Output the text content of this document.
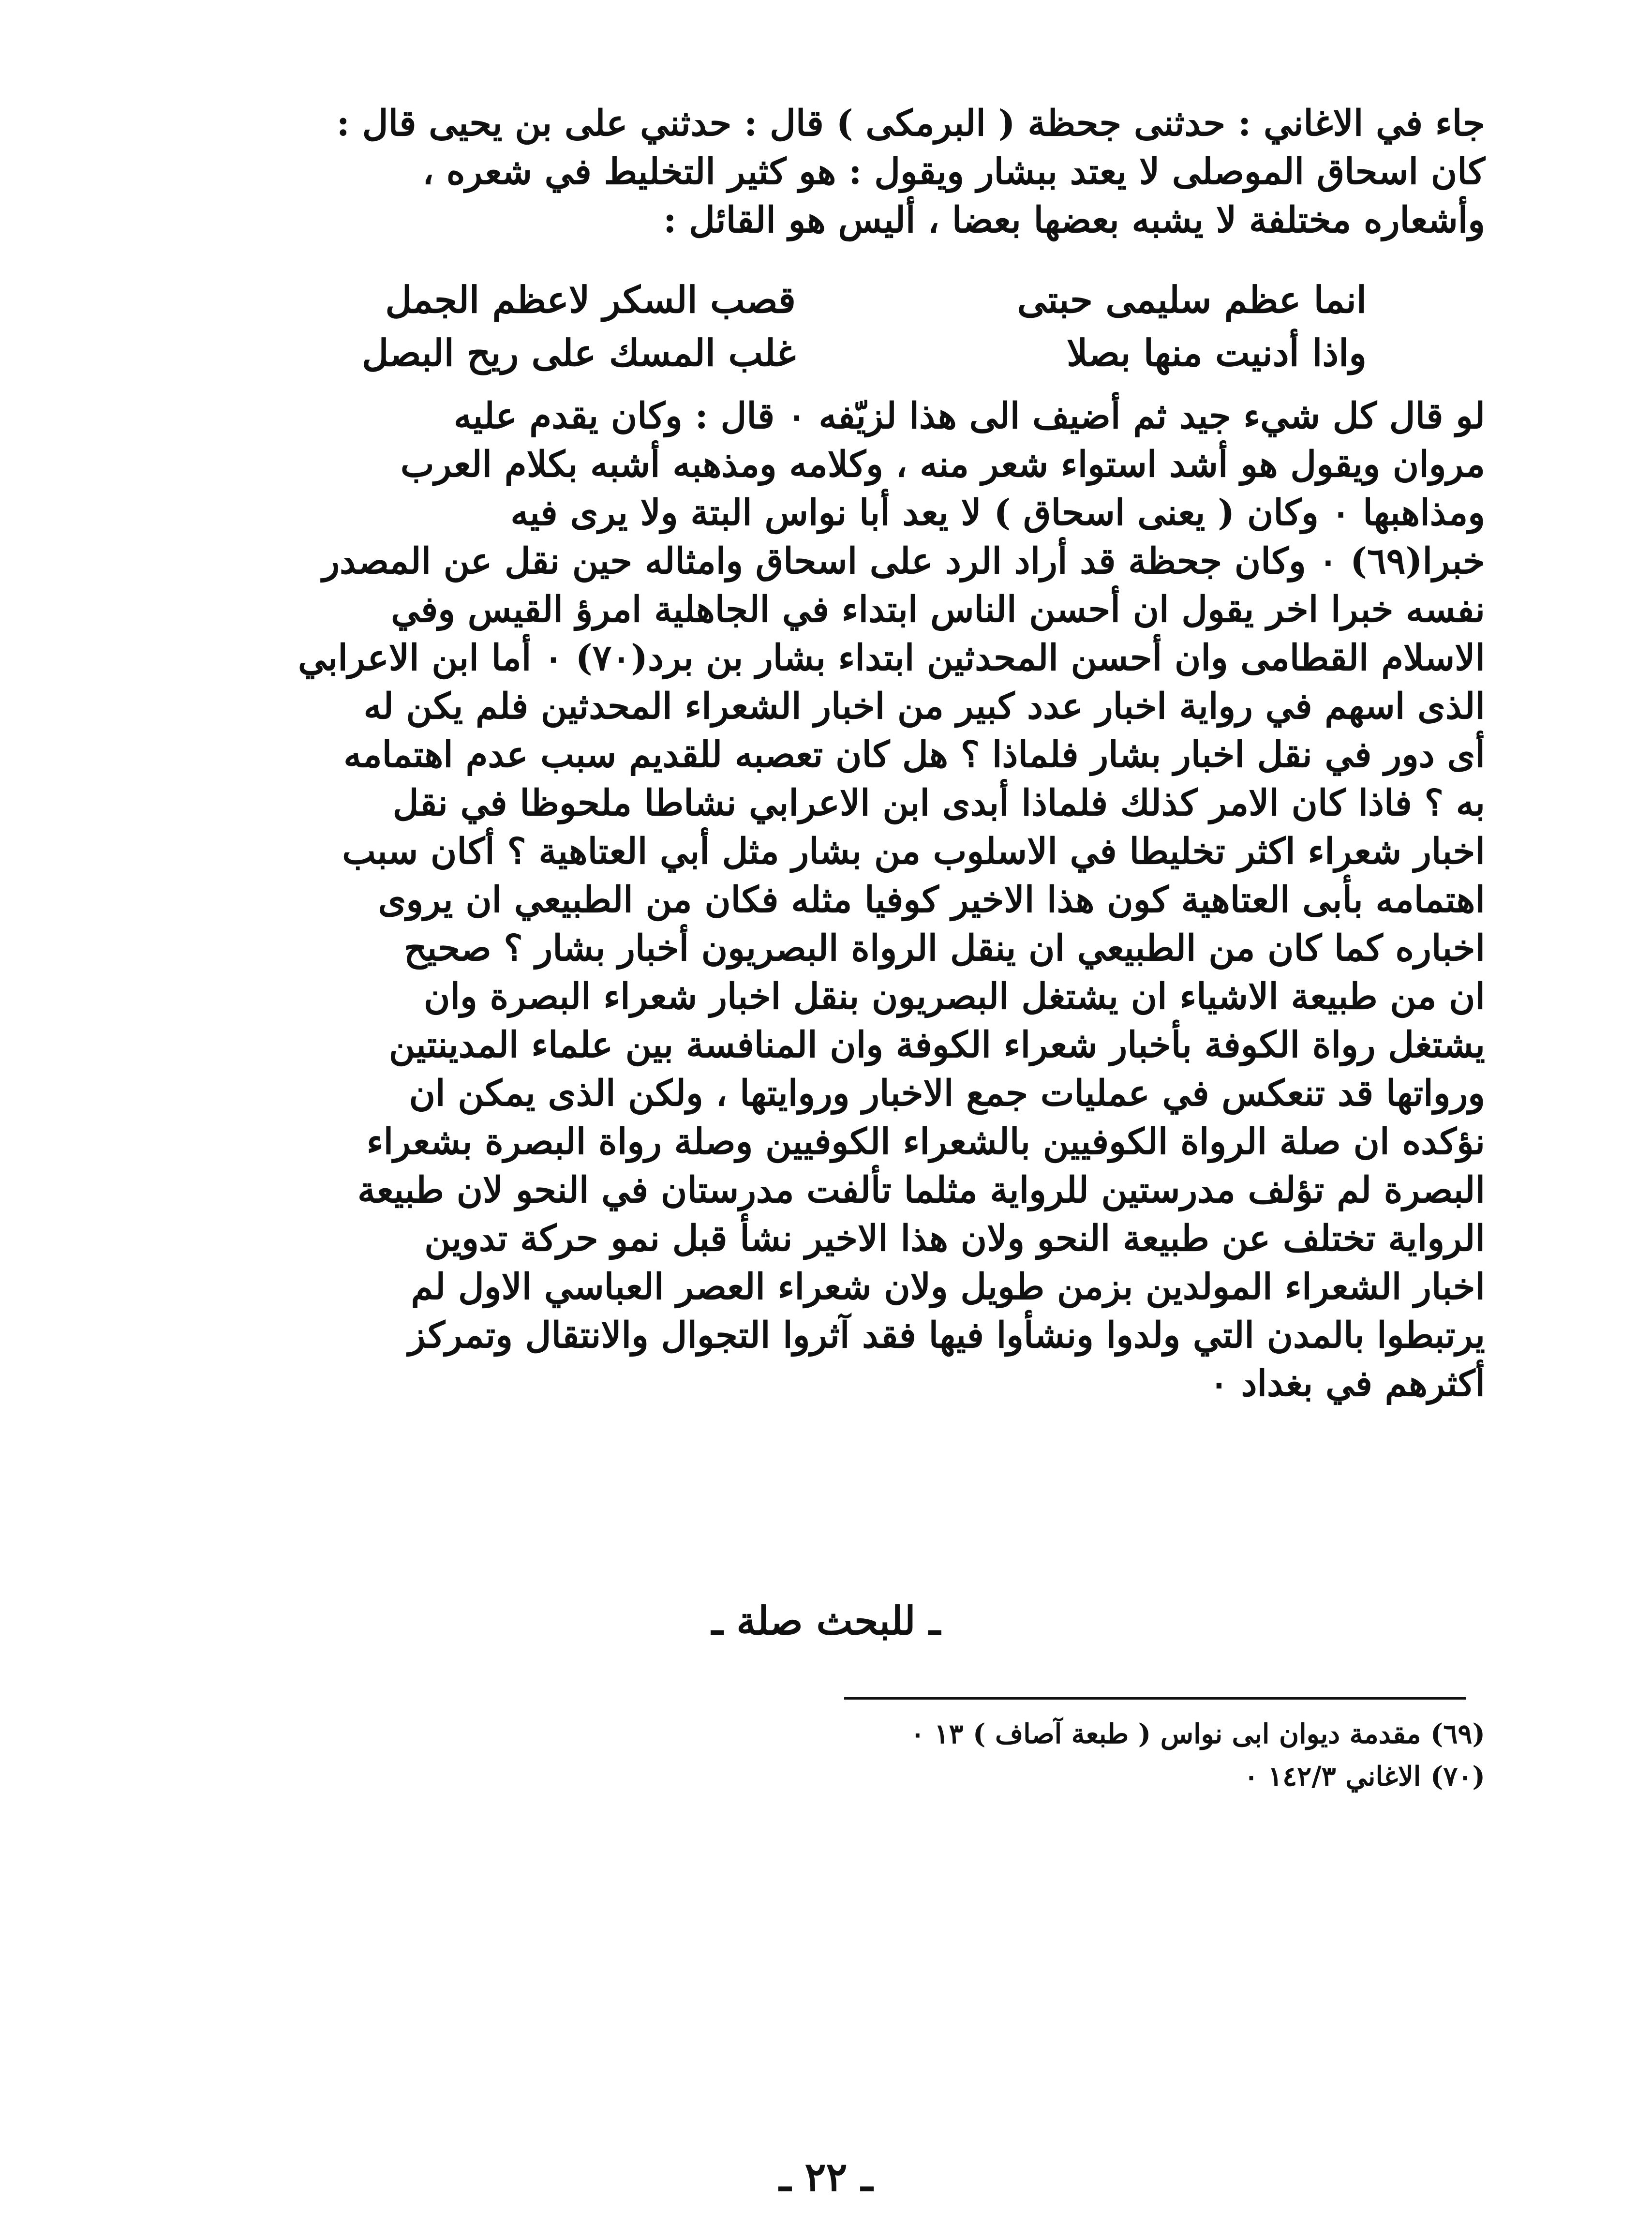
جاء في الاغاني : حدثنى جحظة ( البرمكى ) قال : حدثني على بن يحيى قال :
كان اسحاق الموصلى لا يعتد ببشار ويقول : هو كثير التخليط في شعره ،
وأشعاره مختلفة لا يشبه بعضها بعضا ، أليس هو القائل :
انما عظم سليمى حبتى
قصب السكر لاعظم الجمل
واذا أدنيت منها بصلا
غلب المسك على ريح البصل
لو قال كل شيء جيد ثم أضيف الى هذا لزيّفه ٠ قال : وكان يقدم عليه
مروان ويقول هو أشد استواء شعر منه ، وكلامه ومذهبه أشبه بكلام العرب
ومذاهبها ٠ وكان ( يعنى اسحاق ) لا يعد أبا نواس البتة ولا يرى فيه
خبرا(٦٩) ٠ وكان جحظة قد أراد الرد على اسحاق وامثاله حين نقل عن المصدر
نفسه خبرا اخر يقول ان أحسن الناس ابتداء في الجاهلية امرؤ القيس وفي
الاسلام القطامى وان أحسن المحدثين ابتداء بشار بن برد(٧٠) ٠ أما ابن الاعرابي
الذى اسهم في رواية اخبار عدد كبير من اخبار الشعراء المحدثين فلم يكن له
أى دور في نقل اخبار بشار فلماذا ؟ هل كان تعصبه للقديم سبب عدم اهتمامه
به ؟ فاذا كان الامر كذلك فلماذا أبدى ابن الاعرابي نشاطا ملحوظا في نقل
اخبار شعراء اكثر تخليطا في الاسلوب من بشار مثل أبي العتاهية ؟ أكان سبب
اهتمامه بأبى العتاهية كون هذا الاخير كوفيا مثله فكان من الطبيعي ان يروى
اخباره كما كان من الطبيعي ان ينقل الرواة البصريون أخبار بشار ؟ صحيح
ان من طبيعة الاشياء ان يشتغل البصريون بنقل اخبار شعراء البصرة وان
يشتغل رواة الكوفة بأخبار شعراء الكوفة وان المنافسة بين علماء المدينتين
ورواتها قد تنعكس في عمليات جمع الاخبار وروايتها ، ولكن الذى يمكن ان
نؤكده ان صلة الرواة الكوفيين بالشعراء الكوفيين وصلة رواة البصرة بشعراء
البصرة لم تؤلف مدرستين للرواية مثلما تألفت مدرستان في النحو لان طبيعة
الرواية تختلف عن طبيعة النحو ولان هذا الاخير نشأ قبل نمو حركة تدوين
اخبار الشعراء المولدين بزمن طويل ولان شعراء العصر العباسي الاول لم
يرتبطوا بالمدن التي ولدوا ونشأوا فيها فقد آثروا التجوال والانتقال وتمركز
أكثرهم في بغداد ٠
ـ للبحث صلة ـ
(٦٩) مقدمة ديوان ابى نواس ( طبعة آصاف ) ١٣ ٠
(٧٠) الاغاني ١٤٢/٣ ٠
ـ ٢٢ ـ
